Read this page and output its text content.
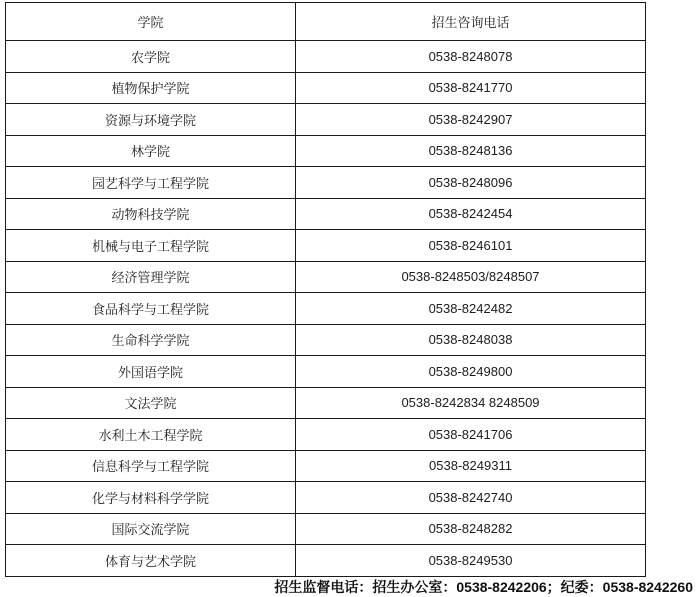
学院	招生咨询电话
农学院	0538-8248078
植物保护学院	0538-8241770
资源与环境学院	0538-8242907
林学院	0538-8248136
园艺科学与工程学院	0538-8248096
动物科技学院	0538-8242454
机械与电子工程学院	0538-8246101
经济管理学院	0538-8248503/8248507
食品科学与工程学院	0538-8242482
生命科学学院	0538-8248038
外国语学院	0538-8249800
文法学院	0538-8242834 8248509
水利土木工程学院	0538-8241706
信息科学与工程学院	0538-8249311
化学与材料科学学院	0538-8242740
国际交流学院	0538-8248282
体育与艺术学院	0538-8249530
招生监督电话：招生办公室：0538-8242206；纪委：0538-8242260
